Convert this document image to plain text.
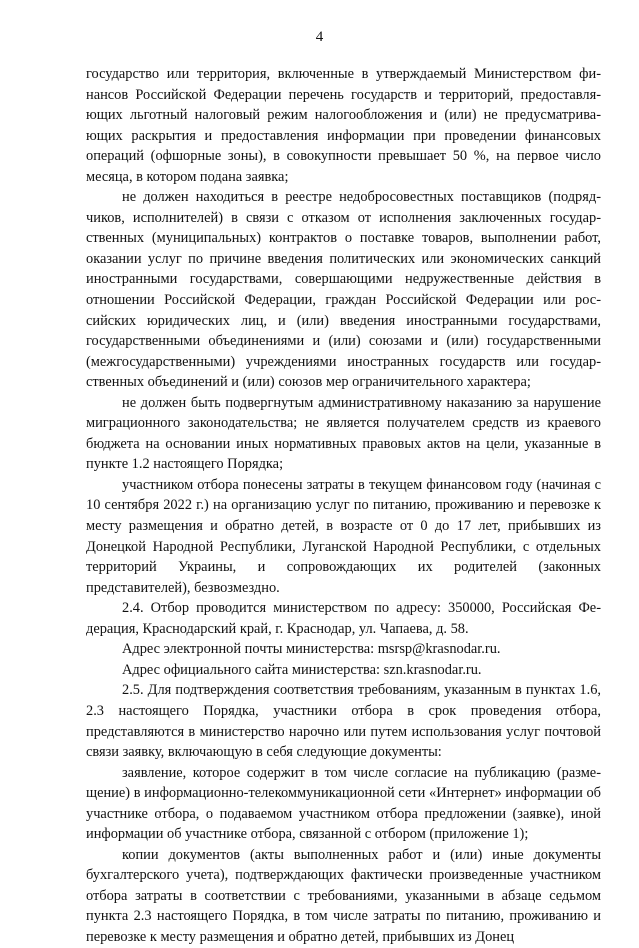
4

государство или территория, включенные в утверждаемый Министерством финансов Российской Федерации перечень государств и территорий, предоставляющих льготный налоговый режим налогообложения и (или) не предусматривающих раскрытия и предоставления информации при проведении финансовых операций (офшорные зоны), в совокупности превышает 50 %, на первое число месяца, в котором подана заявка;

не должен находиться в реестре недобросовестных поставщиков (подрядчиков, исполнителей) в связи с отказом от исполнения заключенных государственных (муниципальных) контрактов о поставке товаров, выполнении работ, оказании услуг по причине введения политических или экономических санкций иностранными государствами, совершающими недружественные действия в отношении Российской Федерации, граждан Российской Федерации или российских юридических лиц, и (или) введения иностранными государствами, государственными объединениями и (или) союзами и (или) государственными (межгосударственными) учреждениями иностранных государств или государственных объединений и (или) союзов мер ограничительного характера;

не должен быть подвергнутым административному наказанию за нарушение миграционного законодательства; не является получателем средств из краевого бюджета на основании иных нормативных правовых актов на цели, указанные в пункте 1.2 настоящего Порядка;

участником отбора понесены затраты в текущем финансовом году (начиная с 10 сентября 2022 г.) на организацию услуг по питанию, проживанию и перевозке к месту размещения и обратно детей, в возрасте от 0 до 17 лет, прибывших из Донецкой Народной Республики, Луганской Народной Республики, с отдельных территорий Украины, и сопровождающих их родителей (законных представителей), безвозмездно.

2.4. Отбор проводится министерством по адресу: 350000, Российская Федерация, Краснодарский край, г. Краснодар, ул. Чапаева, д. 58.

Адрес электронной почты министерства: msrsp@krasnodar.ru.

Адрес официального сайта министерства: szn.krasnodar.ru.

2.5. Для подтверждения соответствия требованиям, указанным в пунктах 1.6, 2.3 настоящего Порядка, участники отбора в срок проведения отбора, представляются в министерство нарочно или путем использования услуг почтовой связи заявку, включающую в себя следующие документы:

заявление, которое содержит в том числе согласие на публикацию (размещение) в информационно-телекоммуникационной сети «Интернет» информации об участнике отбора, о подаваемом участником отбора предложении (заявке), иной информации об участнике отбора, связанной с отбором (приложение 1);

копии документов (акты выполненных работ и (или) иные документы бухгалтерского учета), подтверждающих фактически произведенные участником отбора затраты в соответствии с требованиями, указанными в абзаце седьмом пункта 2.3 настоящего Порядка, в том числе затраты по питанию, проживанию и перевозке к месту размещения и обратно детей, прибывших из Донец
